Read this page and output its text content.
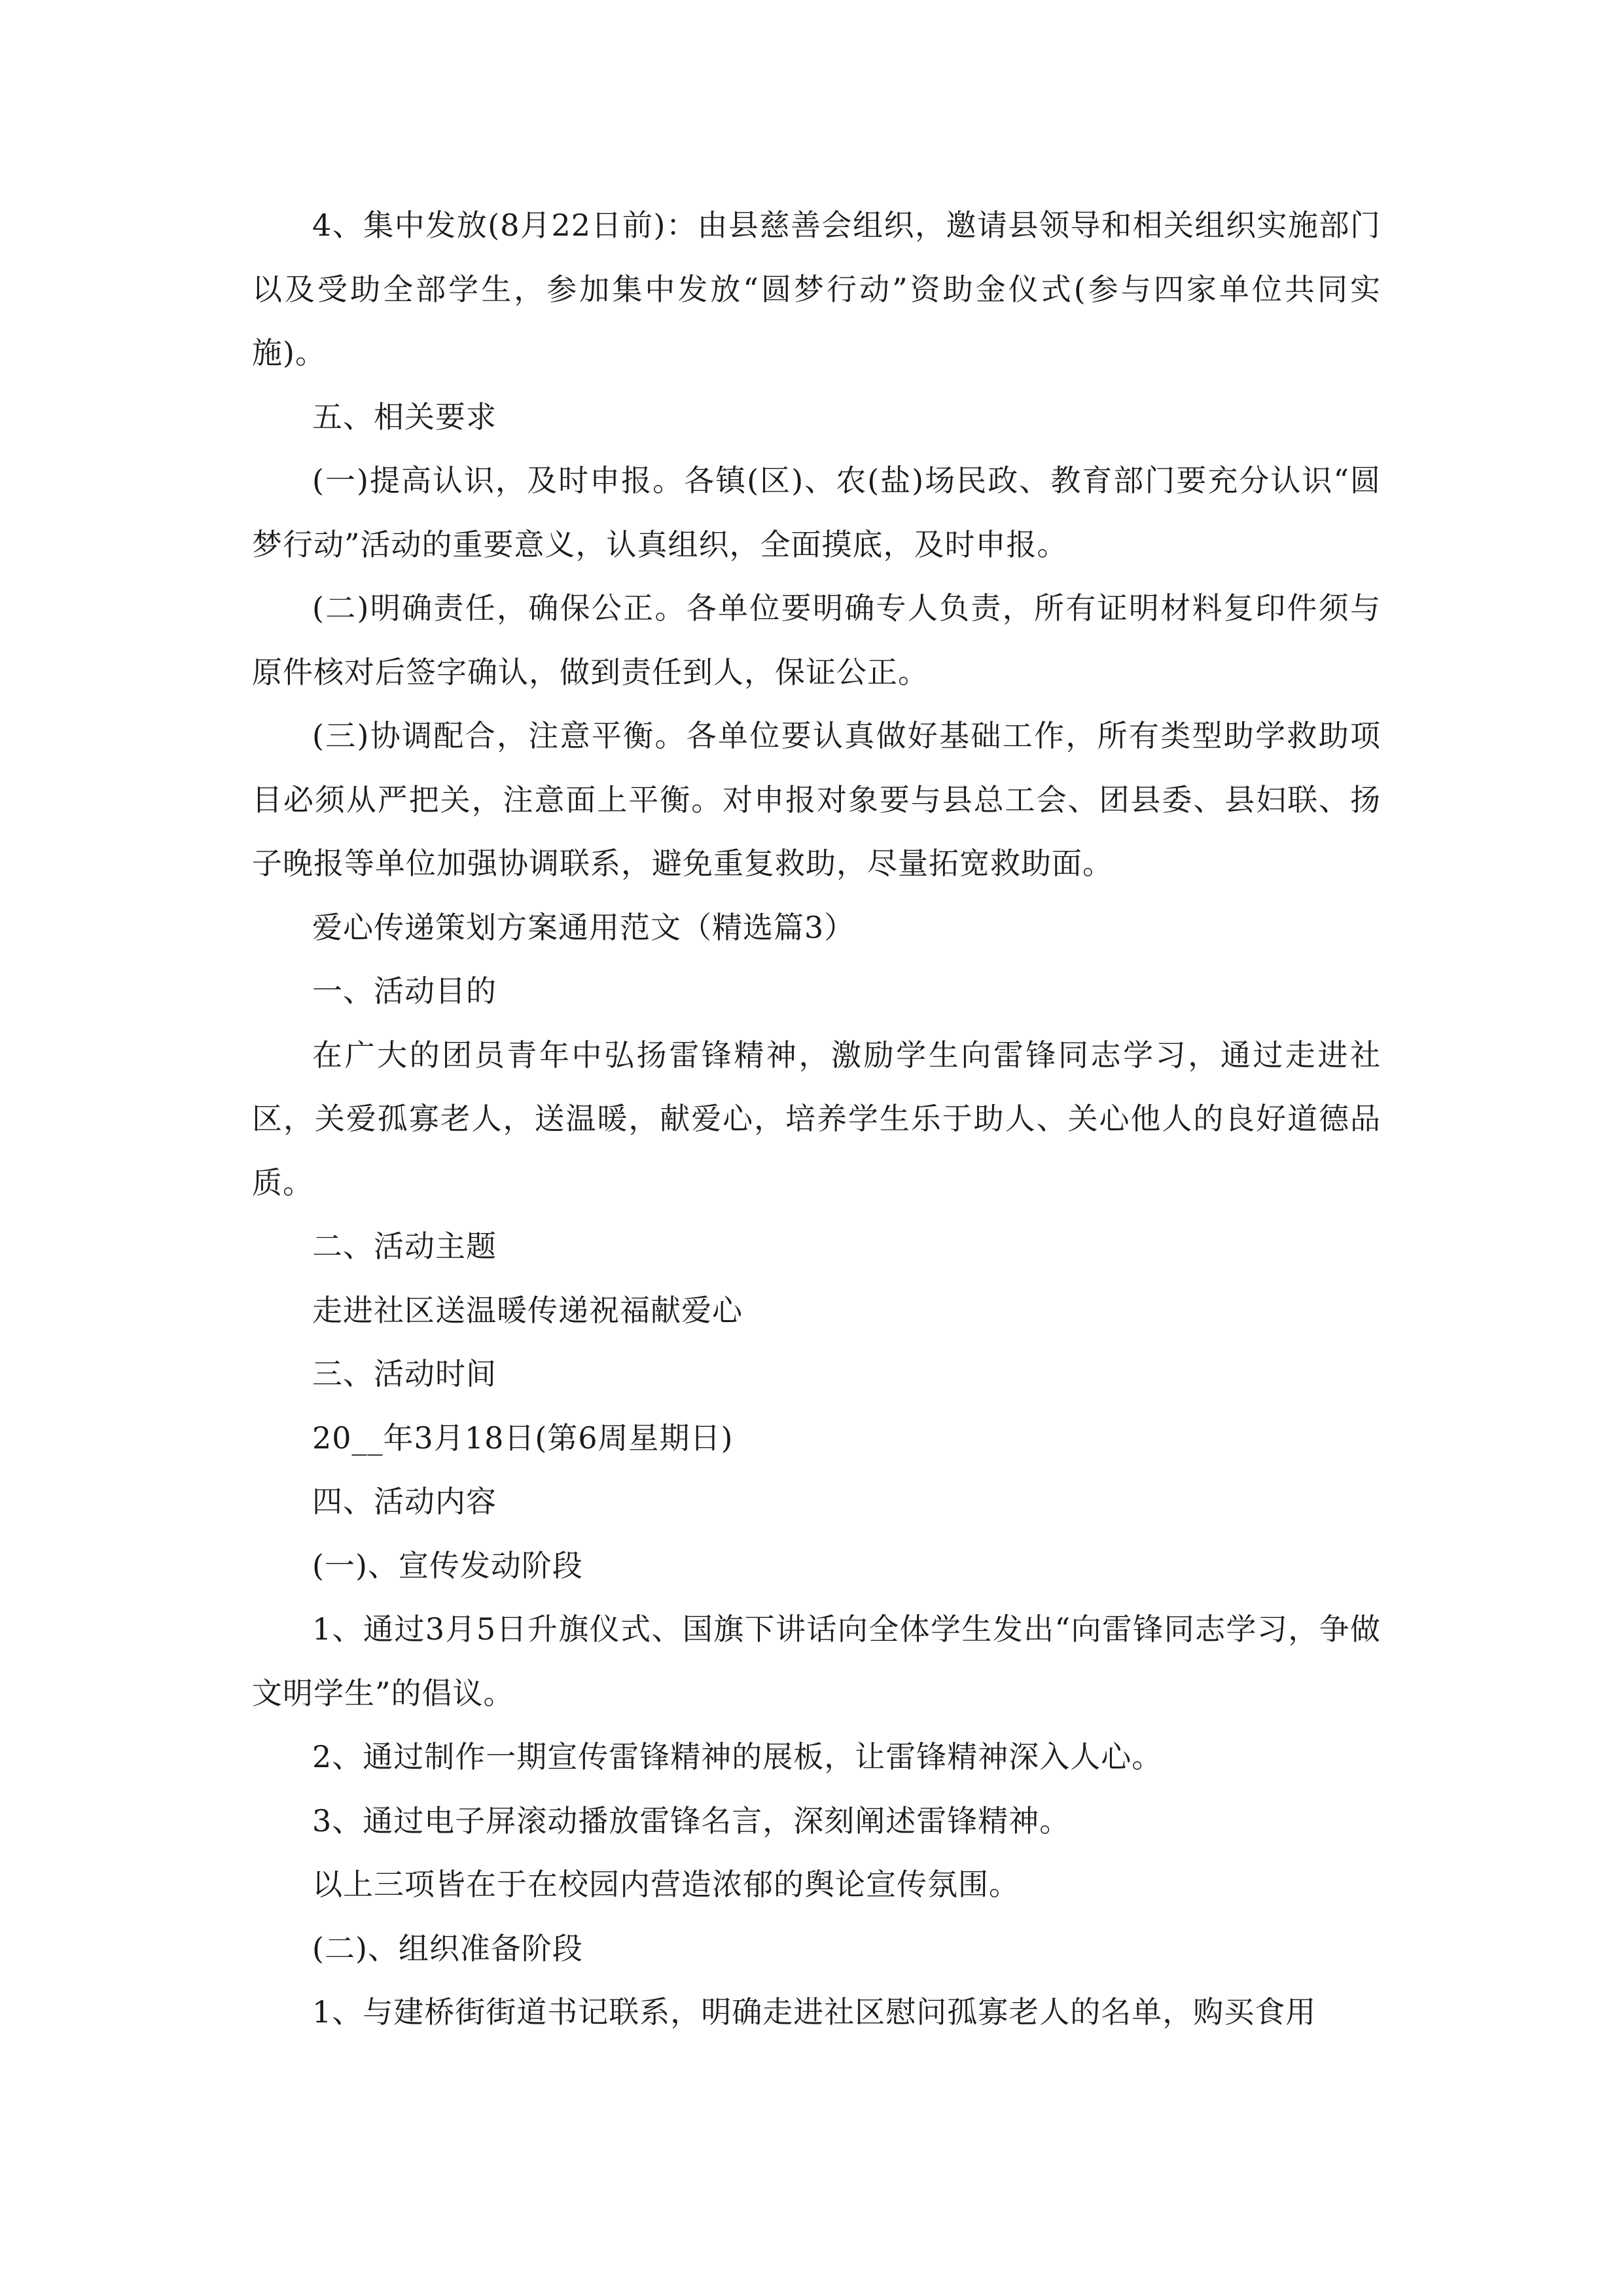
4、集中发放(8月22日前)：由县慈善会组织，邀请县领导和相关组织实施部门以及受助全部学生，参加集中发放“圆梦行动”资助金仪式(参与四家单位共同实施)。

五、相关要求

(一)提高认识，及时申报。各镇(区)、农(盐)场民政、教育部门要充分认识“圆梦行动”活动的重要意义，认真组织，全面摸底，及时申报。

(二)明确责任，确保公正。各单位要明确专人负责，所有证明材料复印件须与原件核对后签字确认，做到责任到人，保证公正。

(三)协调配合，注意平衡。各单位要认真做好基础工作，所有类型助学救助项目必须从严把关，注意面上平衡。对申报对象要与县总工会、团县委、县妇联、扬子晚报等单位加强协调联系，避免重复救助，尽量拓宽救助面。

爱心传递策划方案通用范文（精选篇3）

一、活动目的

在广大的团员青年中弘扬雷锋精神，激励学生向雷锋同志学习，通过走进社区，关爱孤寡老人，送温暖，献爱心，培养学生乐于助人、关心他人的良好道德品质。

二、活动主题

走进社区送温暖传递祝福献爱心

三、活动时间

20__年3月18日(第6周星期日)

四、活动内容

(一)、宣传发动阶段

1、通过3月5日升旗仪式、国旗下讲话向全体学生发出“向雷锋同志学习，争做文明学生”的倡议。

2、通过制作一期宣传雷锋精神的展板，让雷锋精神深入人心。

3、通过电子屏滚动播放雷锋名言，深刻阐述雷锋精神。

以上三项皆在于在校园内营造浓郁的舆论宣传氛围。

(二)、组织准备阶段

1、与建桥街街道书记联系，明确走进社区慰问孤寡老人的名单，购买食用
